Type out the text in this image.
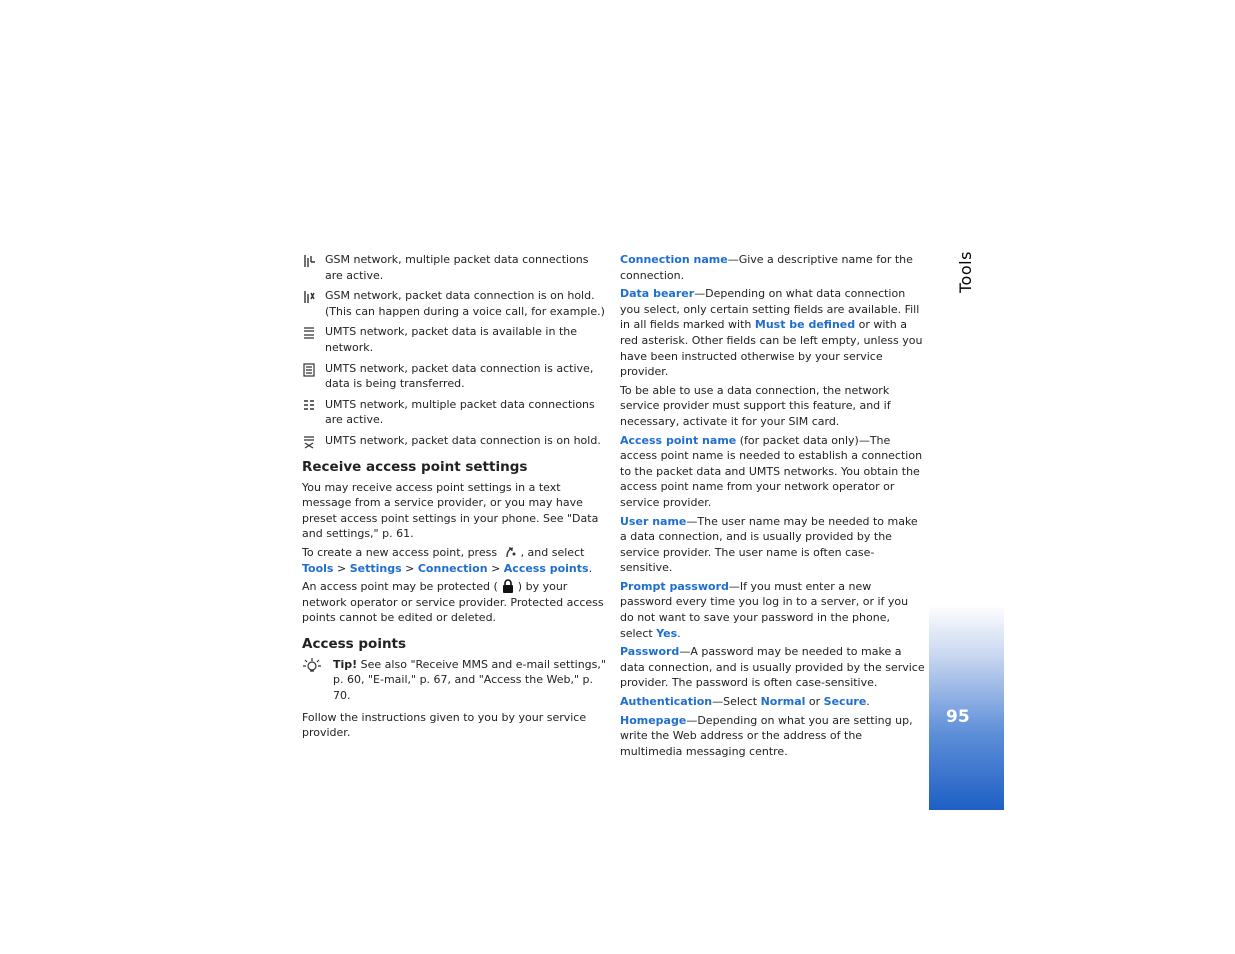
Tools
95
GSM network, multiple packet data connections are active.
GSM network, packet data connection is on hold. (This can happen during a voice call, for example.)
UMTS network, packet data is available in the network.
UMTS network, packet data connection is active, data is being transferred.
UMTS network, multiple packet data connections are active.
UMTS network, packet data connection is on hold.
Receive access point settings

You may receive access point settings in a text message from a service provider, or you may have preset access point settings in your phone. See "Data and settings," p. 61.

To create a new access point, press , and select Tools > Settings > Connection > Access points.

An access point may be protected ( ) by your network operator or service provider. Protected access points cannot be edited or deleted.

Access points
Tip! See also "Receive MMS and e-mail settings," p. 60, "E-mail," p. 67, and "Access the Web," p. 70.

Follow the instructions given to you by your service provider.

Connection name—Give a descriptive name for the connection.

Data bearer—Depending on what data connection you select, only certain setting fields are available. Fill in all fields marked with Must be defined or with a red asterisk. Other fields can be left empty, unless you have been instructed otherwise by your service provider.

To be able to use a data connection, the network service provider must support this feature, and if necessary, activate it for your SIM card.

Access point name (for packet data only)—The access point name is needed to establish a connection to the packet data and UMTS networks. You obtain the access point name from your network operator or service provider.

User name—The user name may be needed to make a data connection, and is usually provided by the service provider. The user name is often case-sensitive.

Prompt password—If you must enter a new password every time you log in to a server, or if you do not want to save your password in the phone, select Yes.

Password—A password may be needed to make a data connection, and is usually provided by the service provider. The password is often case-sensitive.

Authentication—Select Normal or Secure.

Homepage—Depending on what you are setting up, write the Web address or the address of the multimedia messaging centre.
